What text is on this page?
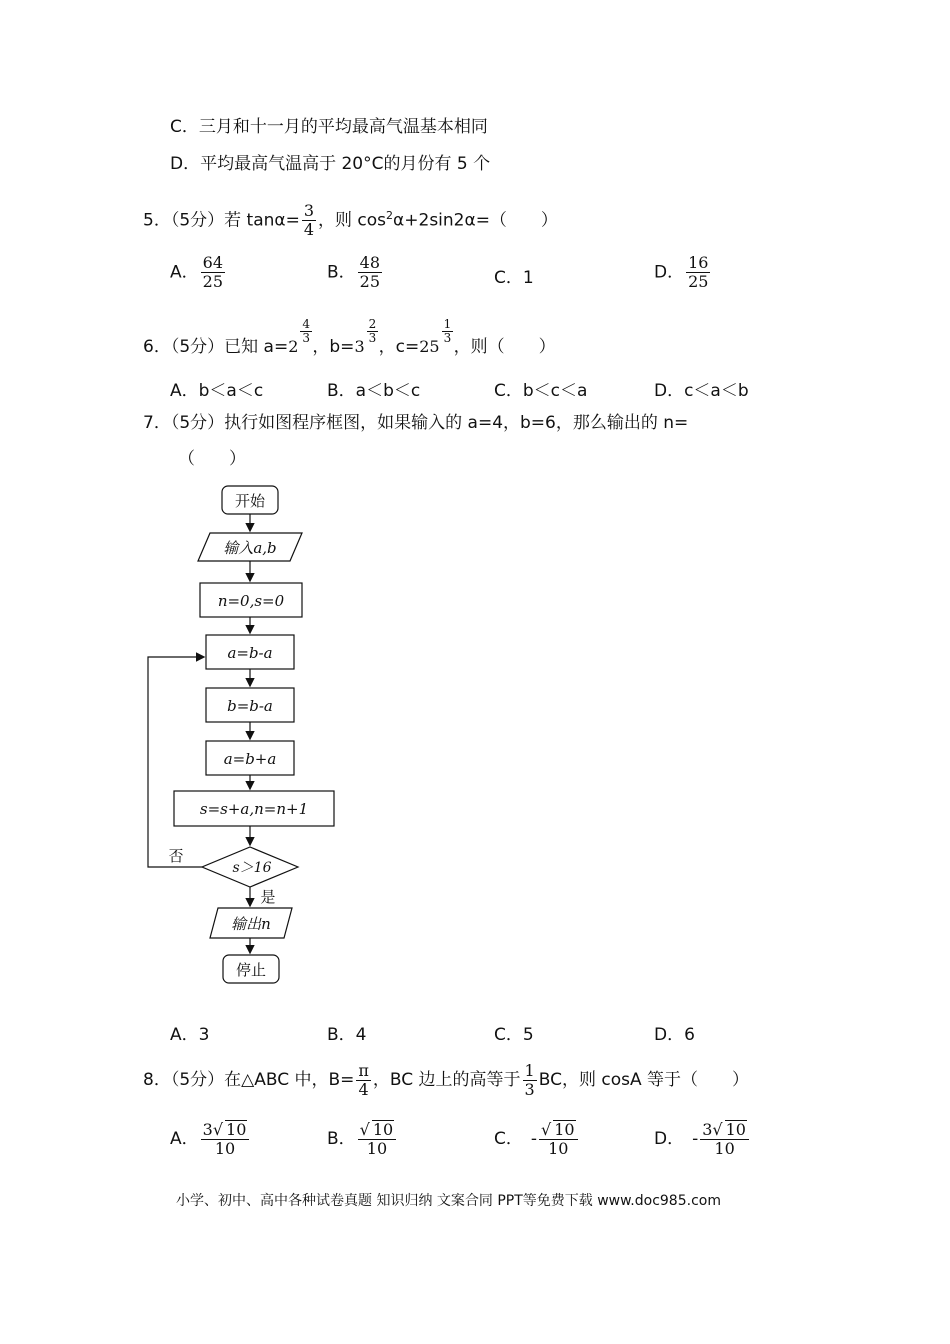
C．三月和十一月的平均最高气温基本相同
D．平均最高气温高于 20°C的月份有 5 个
5．（5分）若 $\tan\alpha= \frac{3}{4}$ ，则 $\cos^2\alpha+2\sin 2\alpha=$（　　）
A． $\frac{64}{25}$	B． $\frac{48}{25}$	C．1	D． $\frac{16}{25}$
6．（5分）已知 a=2
$\frac{4}{3}$
，b=3
$\frac{2}{3}$
，c=25
$\frac{1}{3}$
，则（　　）
A．b＜a＜c	B．a＜b＜c	C．b＜c＜a	D．c＜a＜b
7．（5分）执行如图程序框图，如果输入的 a=4，b=6，那么输出的 n=
（　　）
开始
输入a,b
n=0,s=0
a=b-a
b=b-a
a=b+a
s=s+a,n=n+1
s＞16
否
是
输出n
停止
A．3	B．4	C．5	D．6
8．（5分）在△ABC 中，$B= \frac{\pi}{4}$ ，BC 边上的高等于 $\frac{1}{3}$ BC，则 cosA 等于（　　）
A． $\frac{3√ 10}{10}$	B． $\frac{√ 10}{10}$	C． - $\frac{√ 10}{10}$	D． - $\frac{3√ 10}{10}$
小学、初中、高中各种试卷真题 知识归纳 文案合同 PPT等免费下载 www.doc985.com
